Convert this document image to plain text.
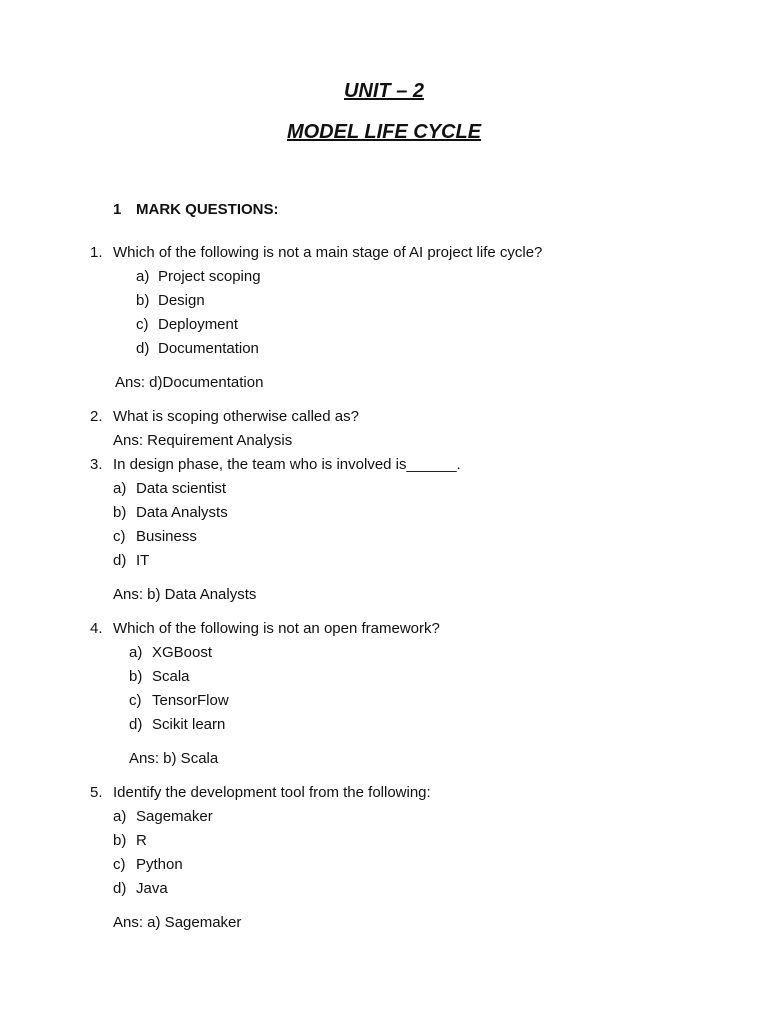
UNIT – 2
MODEL LIFE CYCLE
1 MARK QUESTIONS:
1. Which of the following is not a main stage of AI project life cycle?
a) Project scoping
b) Design
c) Deployment
d) Documentation
Ans: d)Documentation
2. What is scoping otherwise called as?
Ans: Requirement Analysis
3. In design phase, the team who is involved is______.
a) Data scientist
b) Data Analysts
c) Business
d) IT
Ans: b) Data Analysts
4. Which of the following is not an open framework?
a) XGBoost
b) Scala
c) TensorFlow
d) Scikit learn
Ans: b) Scala
5. Identify the development tool from the following:
a) Sagemaker
b) R
c) Python
d) Java
Ans: a) Sagemaker
